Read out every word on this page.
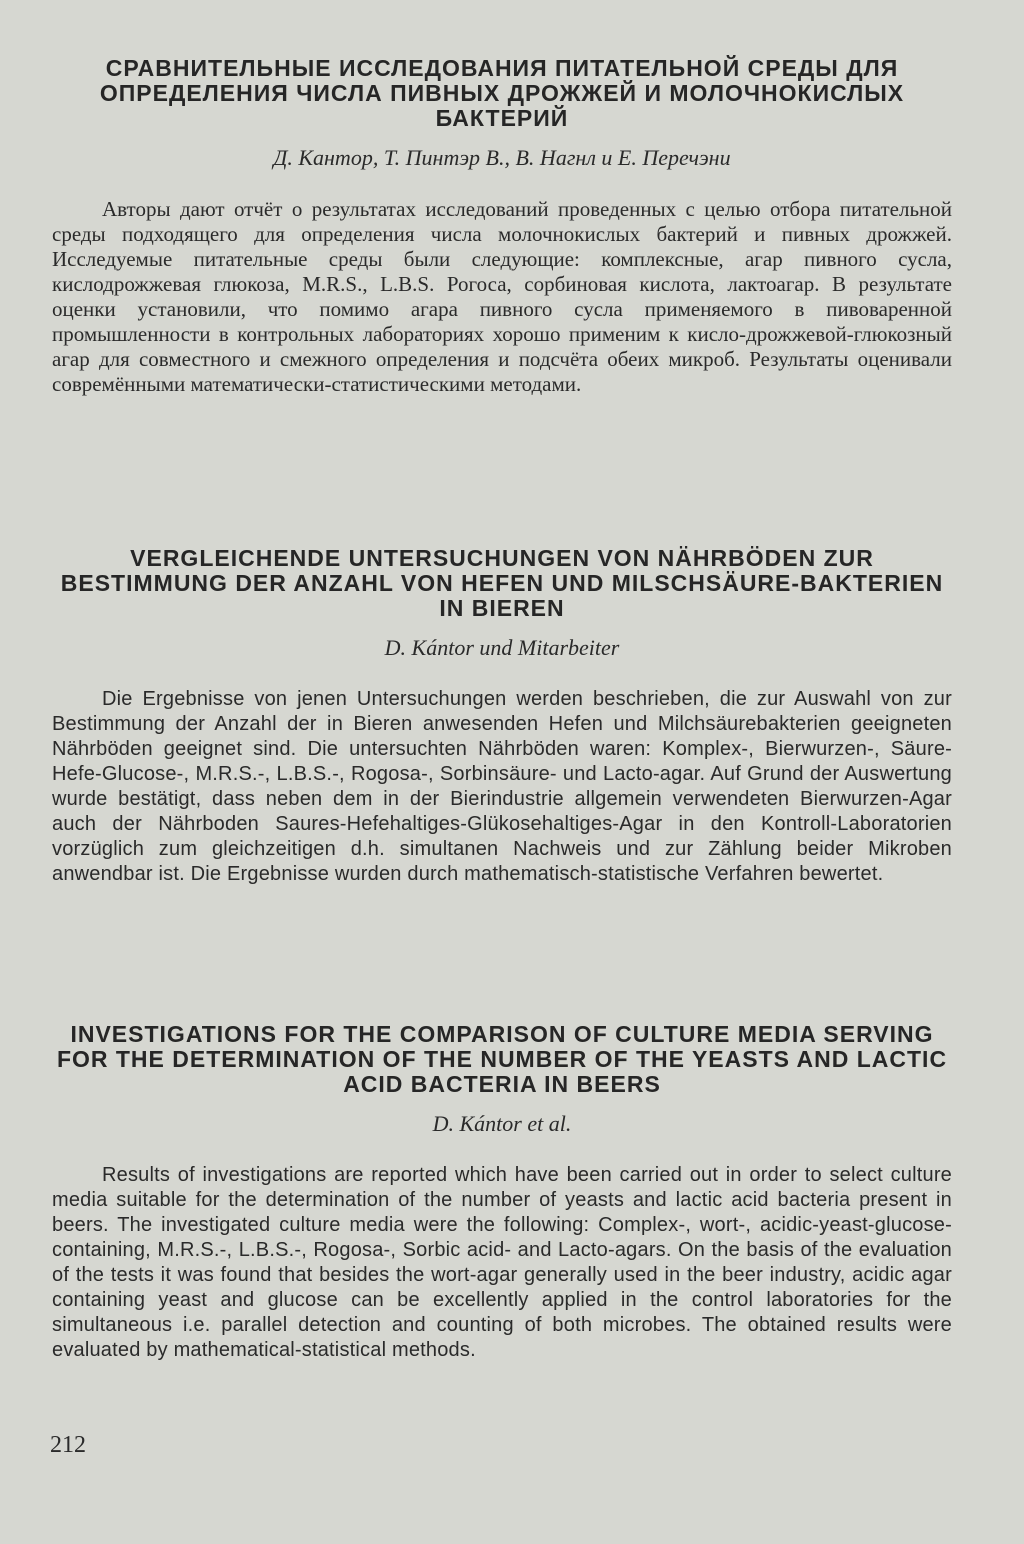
СРАВНИТЕЛЬНЫЕ ИССЛЕДОВАНИЯ ПИТАТЕЛЬНОЙ СРЕДЫ ДЛЯ ОПРЕДЕЛЕНИЯ ЧИСЛА ПИВНЫХ ДРОЖЖЕЙ И МОЛОЧНОКИСЛЫХ БАКТЕРИЙ

Д. Кантор, Т. Пинтэр В., В. Нагнл и Е. Перечэни

Авторы дают отчёт о результатах исследований проведенных с целью отбора питательной среды подходящего для определения числа молочнокислых бактерий и пивных дрожжей. Исследуемые питательные среды были следующие: комплексные, агар пивного сусла, кислодрожжевая глюкоза, M.R.S., L.B.S. Рогоса, сорбиновая кислота, лактоагар. В результате оценки установили, что помимо агара пивного сусла применяемого в пивоваренной промышленности в контрольных лабораториях хорошо применим к кисло-дрожжевой-глюкозный агар для совместного и смежного определения и подсчёта обеих микроб. Результаты оценивали совремёнными математически-статистическими методами.

VERGLEICHENDE UNTERSUCHUNGEN VON NÄHRBÖDEN ZUR BESTIMMUNG DER ANZAHL VON HEFEN UND MILSCHSÄURE-BAKTERIEN IN BIEREN

D. Kántor und Mitarbeiter

Die Ergebnisse von jenen Untersuchungen werden beschrieben, die zur Auswahl von zur Bestimmung der Anzahl der in Bieren anwesenden Hefen und Milchsäurebakterien geeigneten Nährböden geeignet sind. Die untersuchten Nährböden waren: Komplex-, Bierwurzen-, Säure-Hefe-Glucose-, M.R.S.-, L.B.S.-, Rogosa-, Sorbinsäure- und Lacto-agar. Auf Grund der Auswertung wurde bestätigt, dass neben dem in der Bierindustrie allgemein verwendeten Bierwurzen-Agar auch der Nährboden Saures-Hefehaltiges-Glükosehaltiges-Agar in den Kontroll-Laboratorien vorzüglich zum gleichzeitigen d.h. simultanen Nachweis und zur Zählung beider Mikroben anwendbar ist. Die Ergebnisse wurden durch mathematisch-statistische Verfahren bewertet.

INVESTIGATIONS FOR THE COMPARISON OF CULTURE MEDIA SERVING FOR THE DETERMINATION OF THE NUMBER OF THE YEASTS AND LACTIC ACID BACTERIA IN BEERS

D. Kántor et al.

Results of investigations are reported which have been carried out in order to select culture media suitable for the determination of the number of yeasts and lactic acid bacteria present in beers. The investigated culture media were the following: Complex-, wort-, acidic-yeast-glucose-containing, M.R.S.-, L.B.S.-, Rogosa-, Sorbic acid- and Lacto-agars. On the basis of the evaluation of the tests it was found that besides the wort-agar generally used in the beer industry, acidic agar containing yeast and glucose can be excellently applied in the control laboratories for the simultaneous i.e. parallel detection and counting of both microbes. The obtained results were evaluated by mathematical-statistical methods.

212
